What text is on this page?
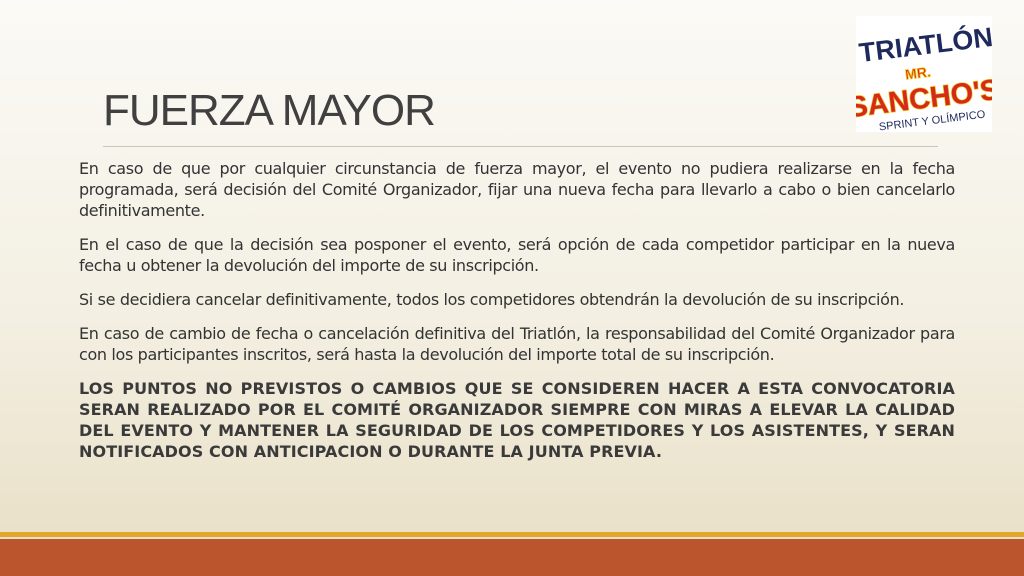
TRIATLÓN
MR.
SANCHO'S
SPRINT Y OLÍMPICO
FUERZA MAYOR

En caso de que por cualquier circunstancia de fuerza mayor, el evento no pudiera realizarse en la fecha programada, será decisión del Comité Organizador, fijar una nueva fecha para llevarlo a cabo o bien cancelarlo definitivamente.

En el caso de que la decisión sea posponer el evento, será opción de cada competidor participar en la nueva fecha u obtener la devolución del importe de su inscripción.

Si se decidiera cancelar definitivamente, todos los competidores obtendrán la devolución de su inscripción.

En caso de cambio de fecha o cancelación definitiva del Triatlón, la responsabilidad del Comité Organizador para con los participantes inscritos, será hasta la devolución del importe total de su inscripción.

LOS PUNTOS NO PREVISTOS O CAMBIOS QUE SE CONSIDEREN HACER A ESTA CONVOCATORIA SERAN REALIZADO POR EL COMITÉ ORGANIZADOR SIEMPRE CON MIRAS A ELEVAR LA CALIDAD DEL EVENTO Y MANTENER LA SEGURIDAD DE LOS COMPETIDORES Y LOS ASISTENTES, Y SERAN NOTIFICADOS CON ANTICIPACION O DURANTE LA JUNTA PREVIA.
